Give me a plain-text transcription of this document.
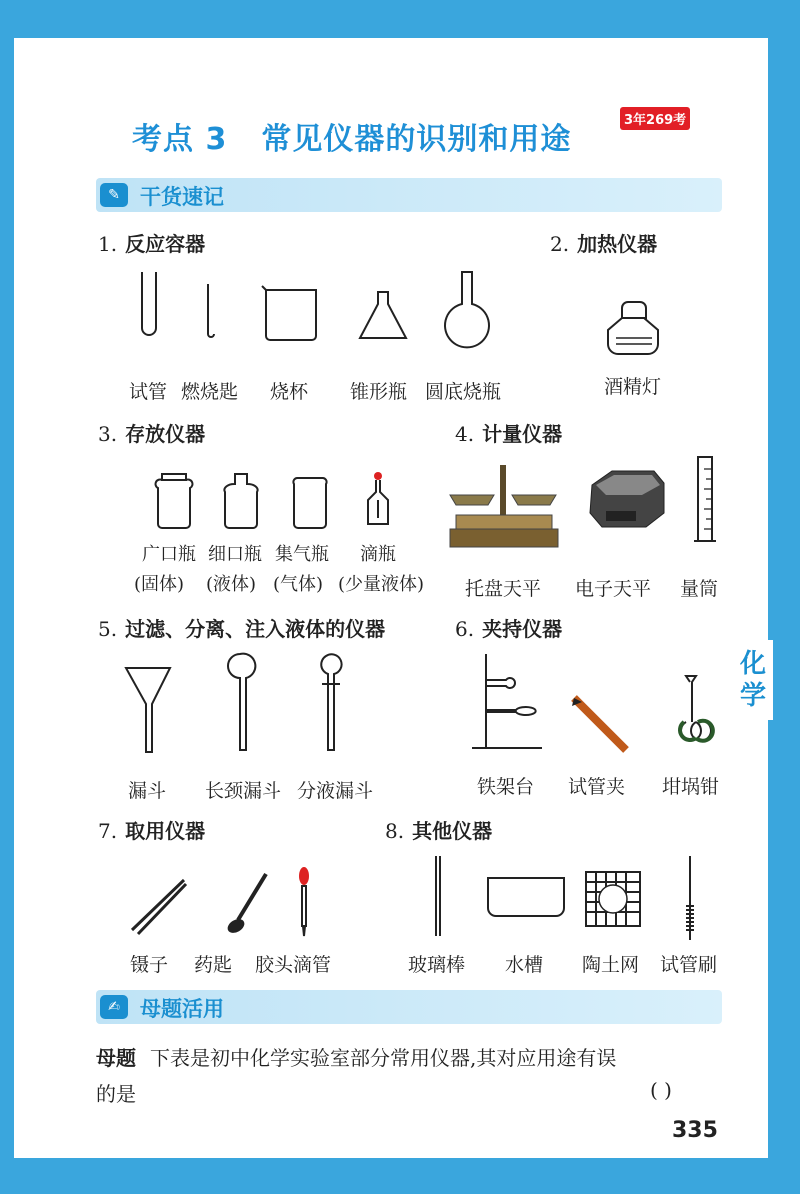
化
学
考点 3 常见仪器的识别和用途
3年269考
✎ 干货速记
1. 反应容器
试管 燃烧匙 烧杯 锥形瓶 圆底烧瓶
2. 加热仪器
酒精灯
3. 存放仪器
广口瓶 细口瓶 集气瓶 滴瓶
(固体) (液体) (气体) (少量液体)
4. 计量仪器
托盘天平 电子天平 量筒
5. 过滤、分离、注入液体的仪器
漏斗 长颈漏斗 分液漏斗
6. 夹持仪器
铁架台 试管夹 坩埚钳
7. 取用仪器
镊子 药匙 胶头滴管
8. 其他仪器
玻璃棒 水槽 陶土网 试管刷
✍ 母题活用
母题 下表是初中化学实验室部分常用仪器,其对应用途有误
的是	( )
335
